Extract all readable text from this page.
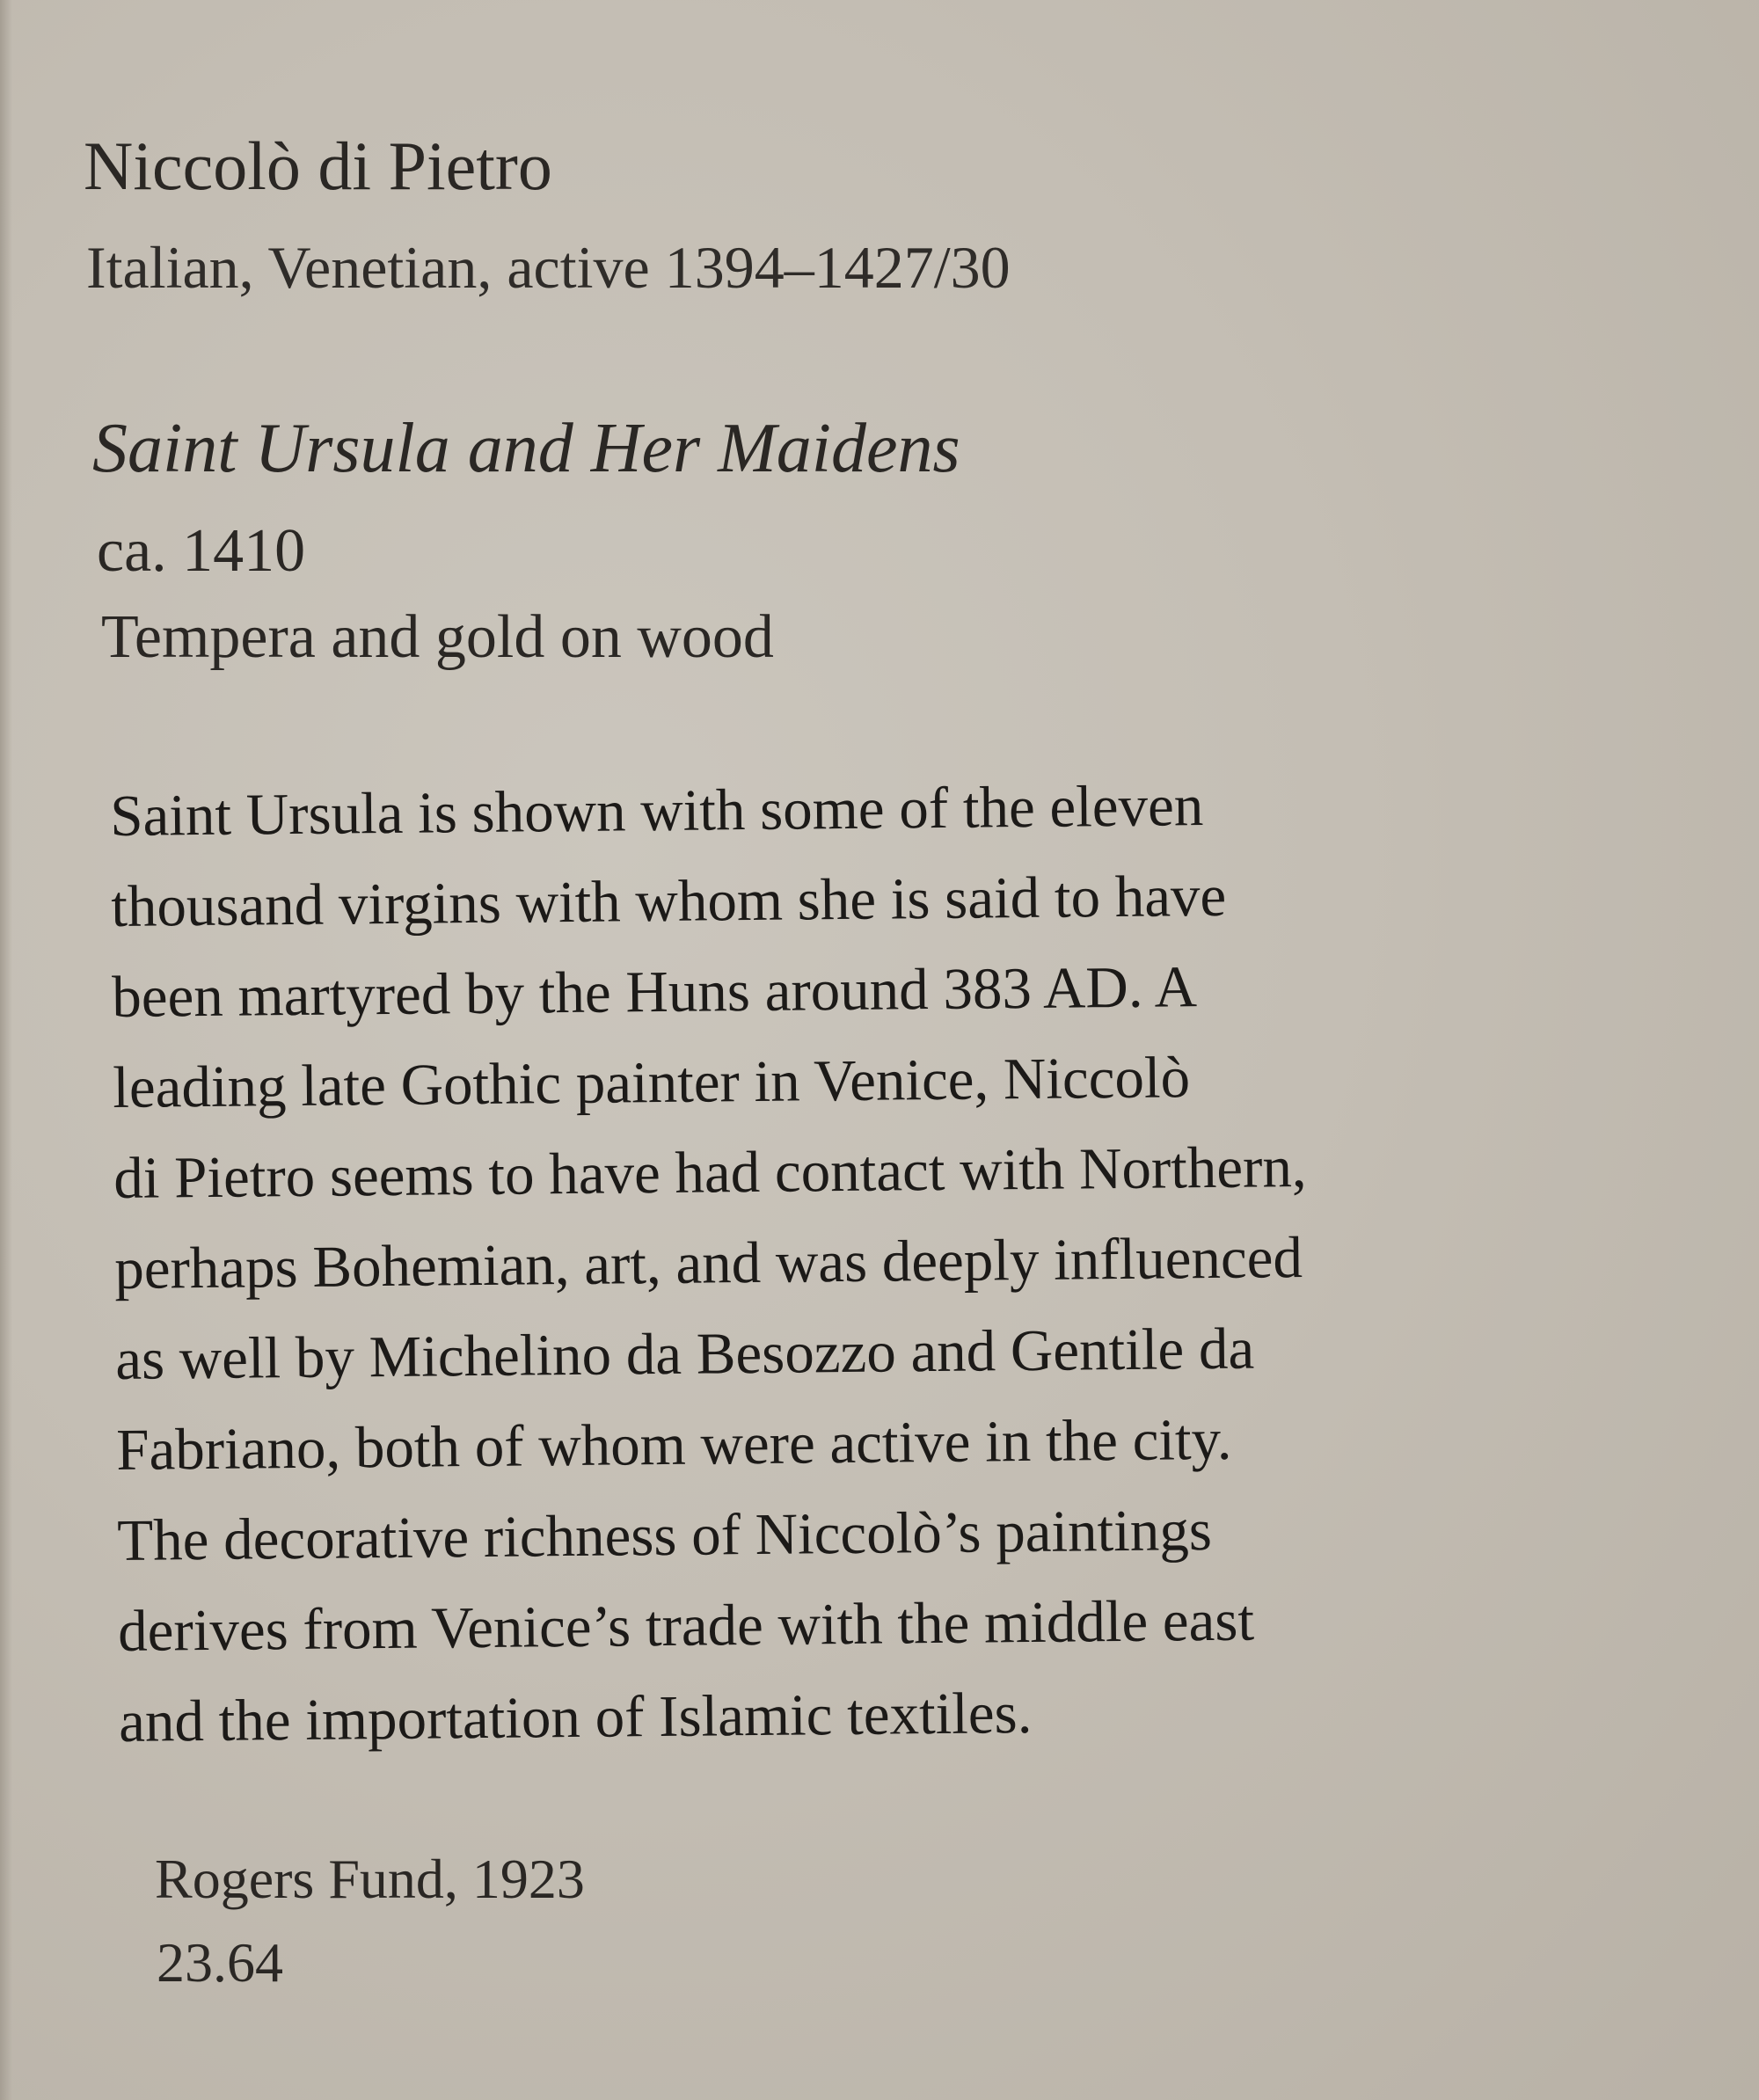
Niccolò di Pietro
Italian, Venetian, active 1394–1427/30
Saint Ursula and Her Maidens
ca. 1410
Tempera and gold on wood
Saint Ursula is shown with some of the eleven
thousand virgins with whom she is said to have
been martyred by the Huns around 383 AD. A
leading late Gothic painter in Venice, Niccolò
di Pietro seems to have had contact with Northern,
perhaps Bohemian, art, and was deeply influenced
as well by Michelino da Besozzo and Gentile da
Fabriano, both of whom were active in the city.
The decorative richness of Niccolò’s paintings
derives from Venice’s trade with the middle east
and the importation of Islamic textiles.
Rogers Fund, 1923
23.64
